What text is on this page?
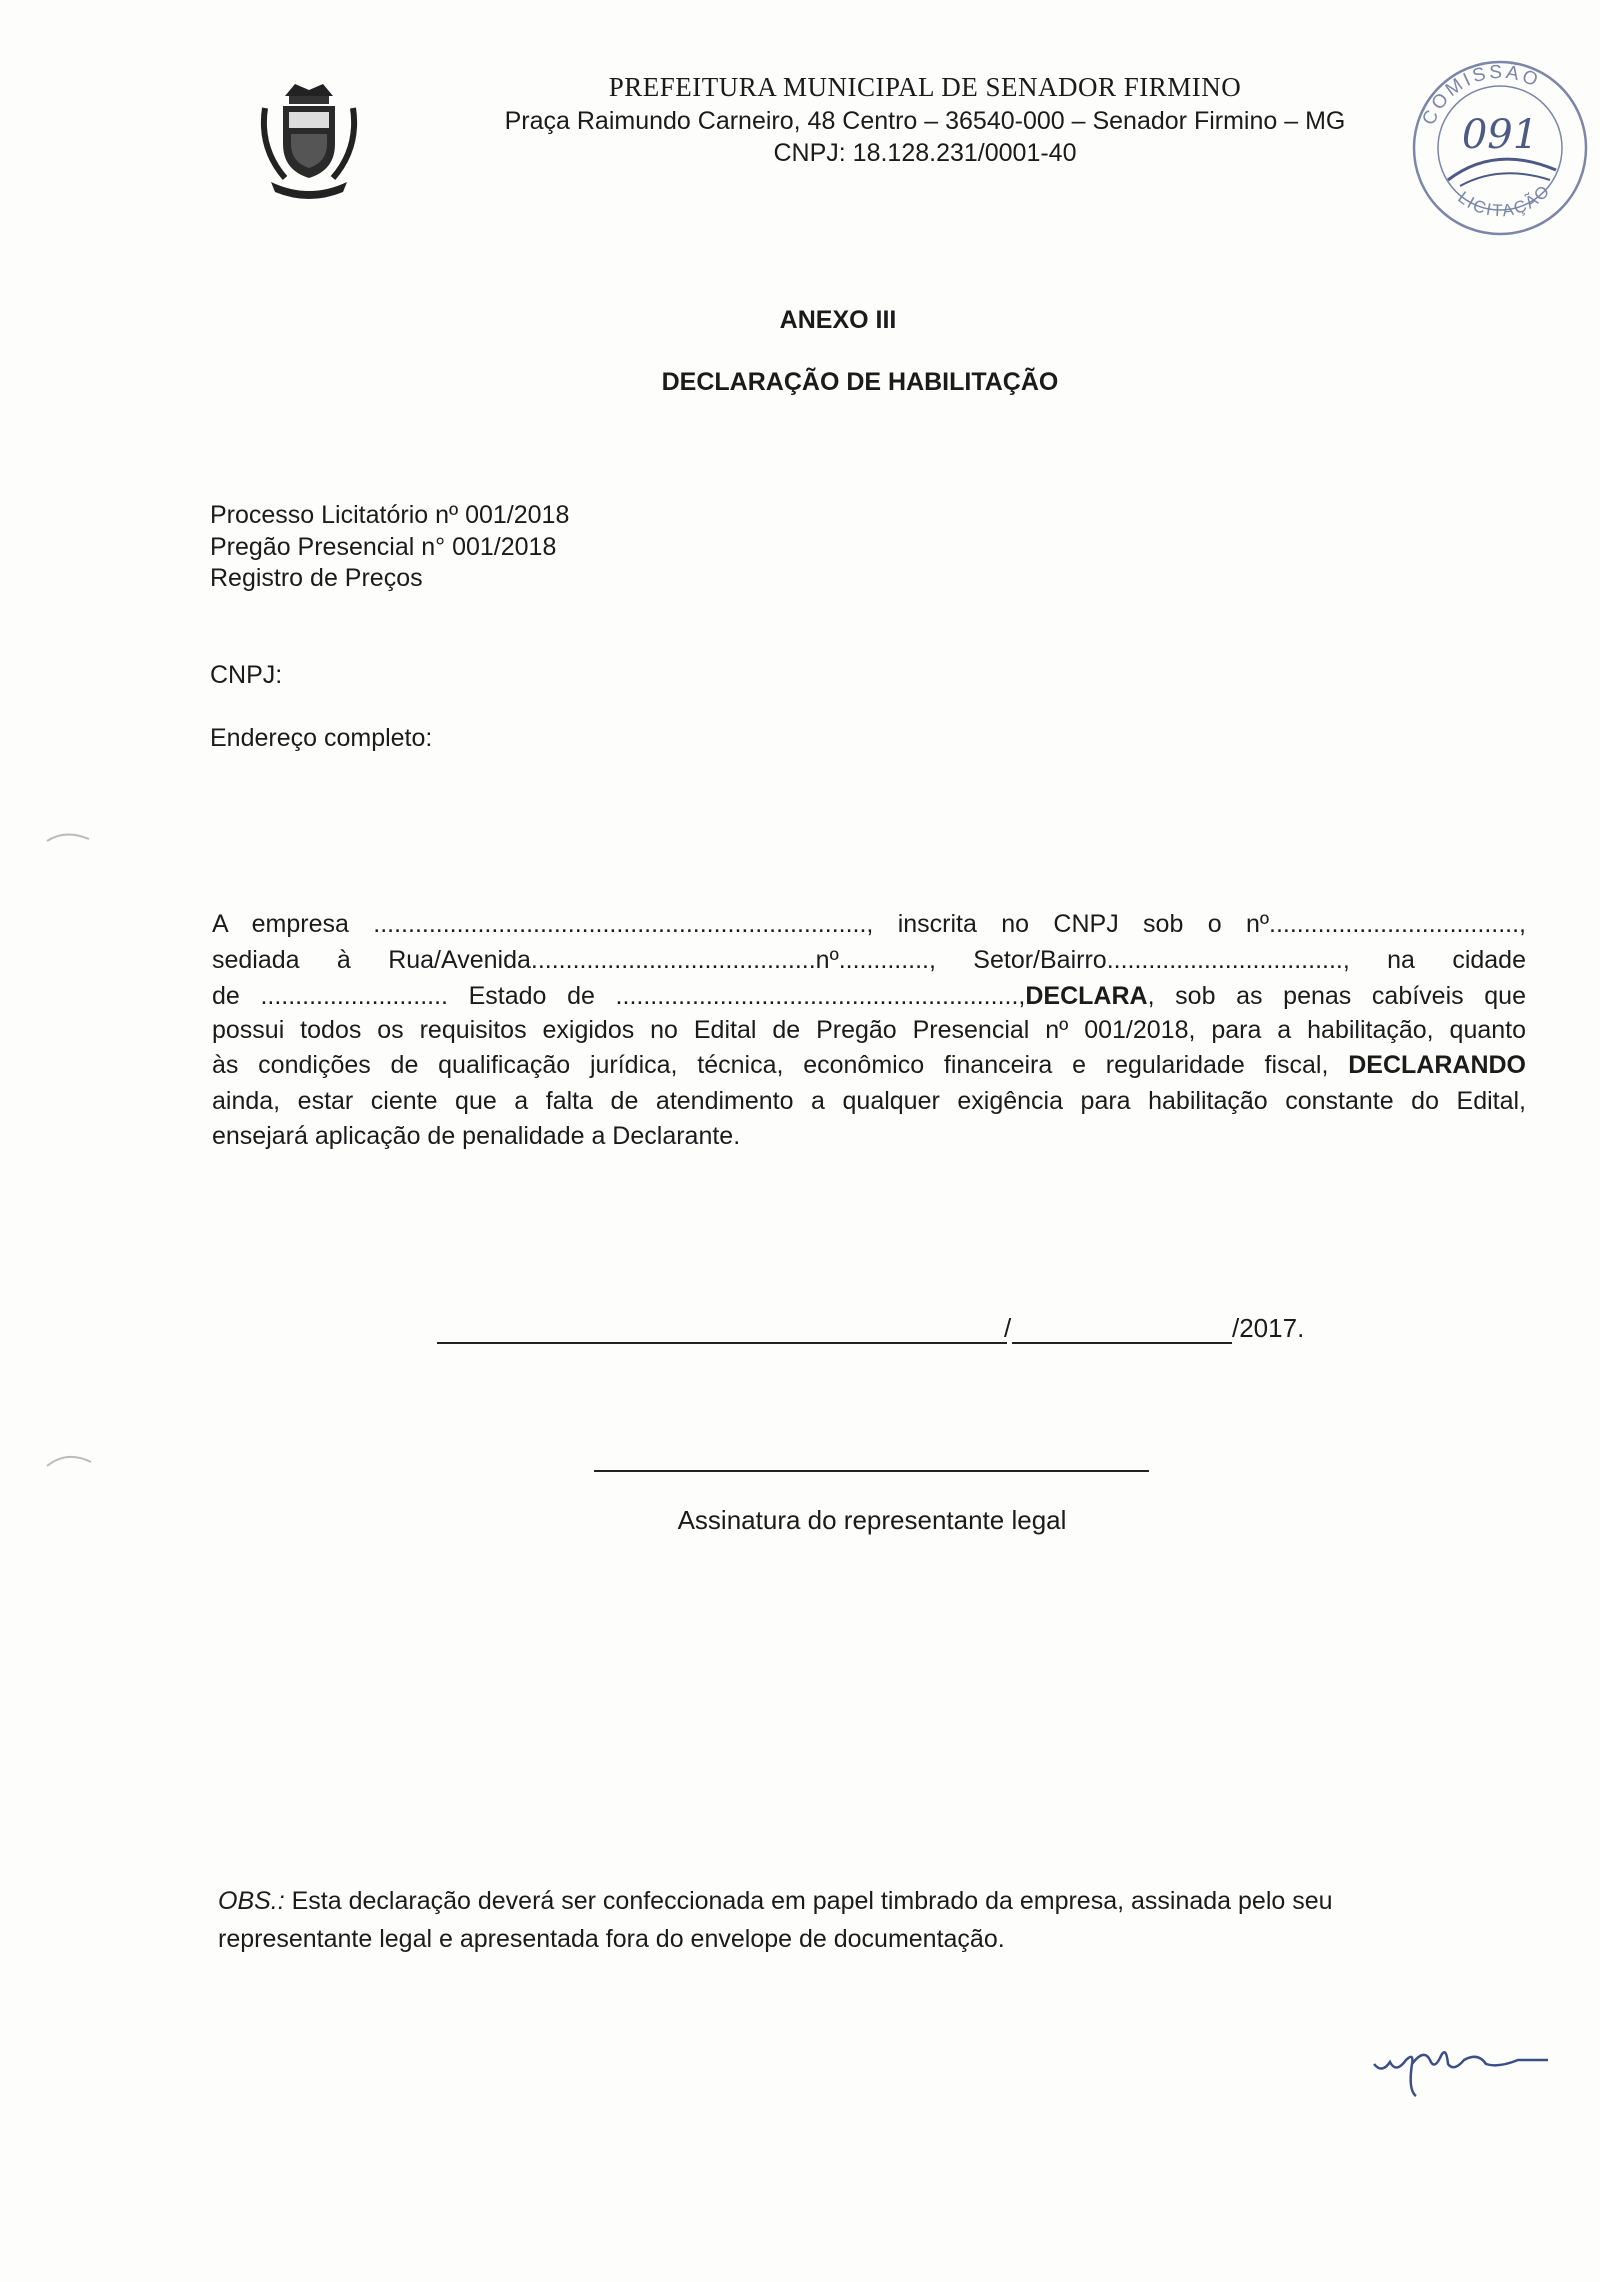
PREFEITURA MUNICIPAL DE SENADOR FIRMINO
Praça Raimundo Carneiro, 48 Centro – 36540-000 – Senador Firmino – MG
CNPJ: 18.128.231/0001-40
COMISSÃO
LICITAÇÃO
091
ANEXO III
DECLARAÇÃO DE HABILITAÇÃO
Processo Licitatório nº 001/2018
Pregão Presencial n° 001/2018
Registro de Preços
CNPJ:
Endereço completo:
A empresa ......................................................................., inscrita no CNPJ sob o nº....................................,
sediada à Rua/Avenida.........................................nº............., Setor/Bairro.................................., na cidade
de ........................... Estado de ..........................................................,DECLARA, sob as penas cabíveis que
possui todos os requisitos exigidos no Edital de Pregão Presencial nº 001/2018, para a habilitação, quanto
às condições de qualificação jurídica, técnica, econômico financeira e regularidade fiscal, DECLARANDO
ainda, estar ciente que a falta de atendimento a qualquer exigência para habilitação constante do Edital,
ensejará aplicação de penalidade a Declarante.
/	/2017.
Assinatura do representante legal
OBS.: Esta declaração deverá ser confeccionada em papel timbrado da empresa, assinada pelo seu
representante legal e apresentada fora do envelope de documentação.
